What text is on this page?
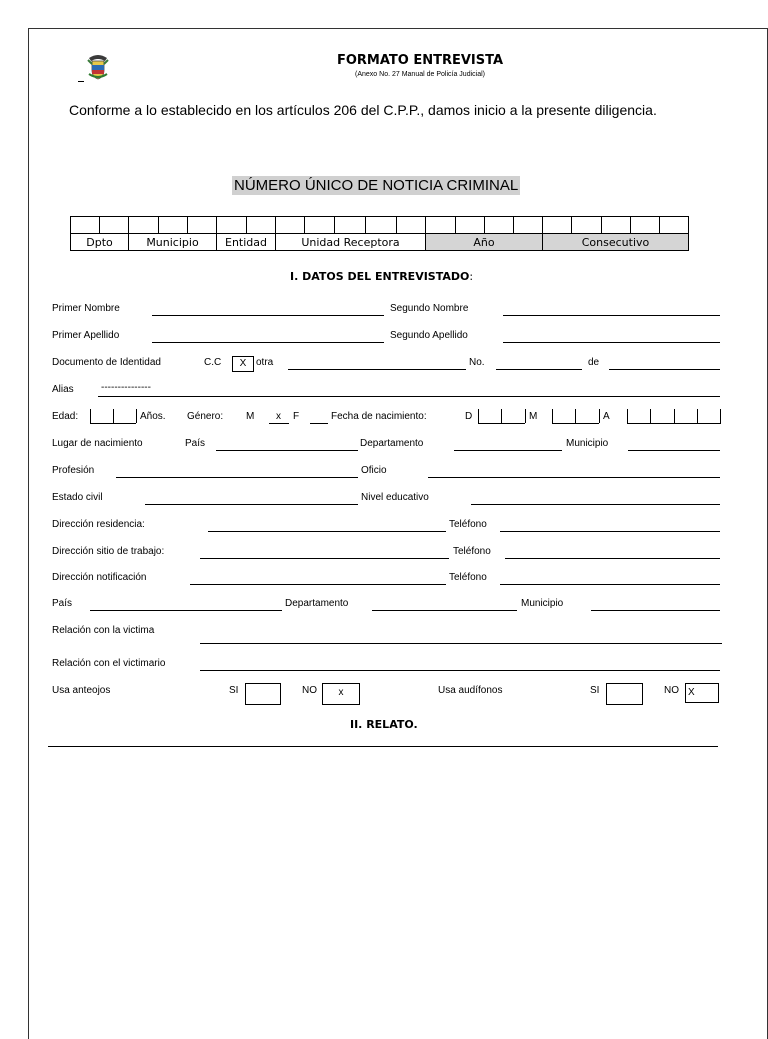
FORMATO ENTREVISTA
(Anexo No. 27 Manual de Policía Judicial)
Conforme a lo establecido en los artículos 206 del C.P.P., damos inicio a la presente diligencia.
NÚMERO ÚNICO DE NOTICIA CRIMINAL

Dpto		Municipio			Entidad		Unidad Receptora					Año				Consecutivo				
I. DATOS DEL ENTREVISTADO:
Primer Nombre	Segundo Nombre
Primer Apellido	Segundo Apellido
Documento de Identidad	C.C	X otra	No.	de
Alias	---------------
Edad:	Años. Género: M x F	Fecha de nacimiento:	D	M	A
Lugar de nacimiento	País	Departamento	Municipio
Profesión	Oficio
Estado civil	Nivel educativo
Dirección residencia:	Teléfono
Dirección sitio de trabajo:	Teléfono
Dirección notificación	Teléfono
País	Departamento	Municipio
Relación con la victima
Relación con el victimario
Usa anteojos	SI	NO	x	Usa audífonos	SI	NO X
II. RELATO.
